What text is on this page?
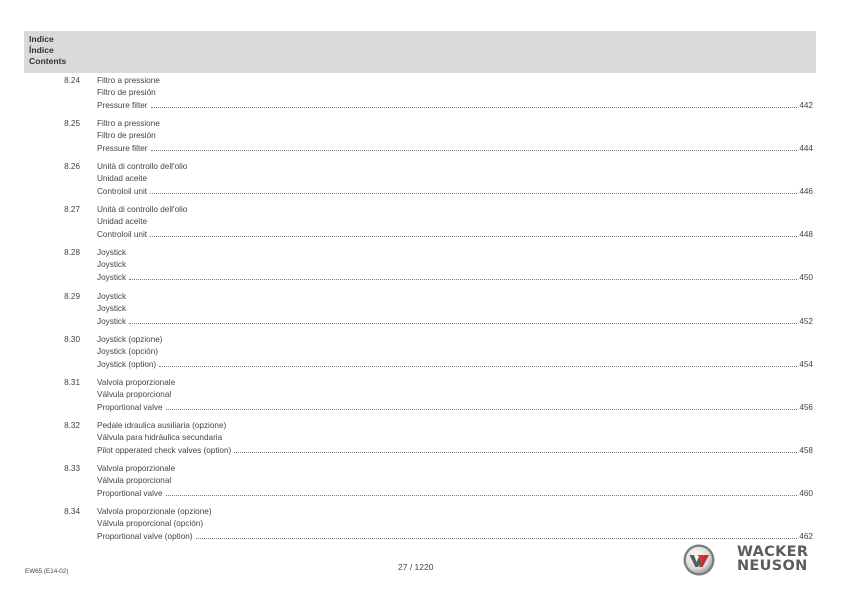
Indice
Índice
Contents
8.24 Filtro a pressione
Filtro de presión
Pressure filter	442
8.25 Filtro a pressione
Filtro de presión
Pressure filter	444
8.26 Unità di controllo dell'olio
Unidad aceite
Controloil unit	446
8.27 Unità di controllo dell'olio
Unidad aceite
Controloil unit	448
8.28 Joystick
Joystick
Joystick	450
8.29 Joystick
Joystick
Joystick	452
8.30 Joystick (opzione)
Joystick (opción)
Joystick (option)	454
8.31 Valvola proporzionale
Válvula proporcional
Proportional valve	456
8.32 Pedale idraulica ausiliaria (opzione)
Válvula para hidráulica secundaria
Pilot opperated check valves (option)	458
8.33 Valvola proporzionale
Válvula proporcional
Proportional valve	460
8.34 Valvola proporzionale (opzione)
Válvula proporcional (opción)
Proportional valve (option)	462
EW65 (E14-02)	27 / 1220
WACKER
NEUSON
